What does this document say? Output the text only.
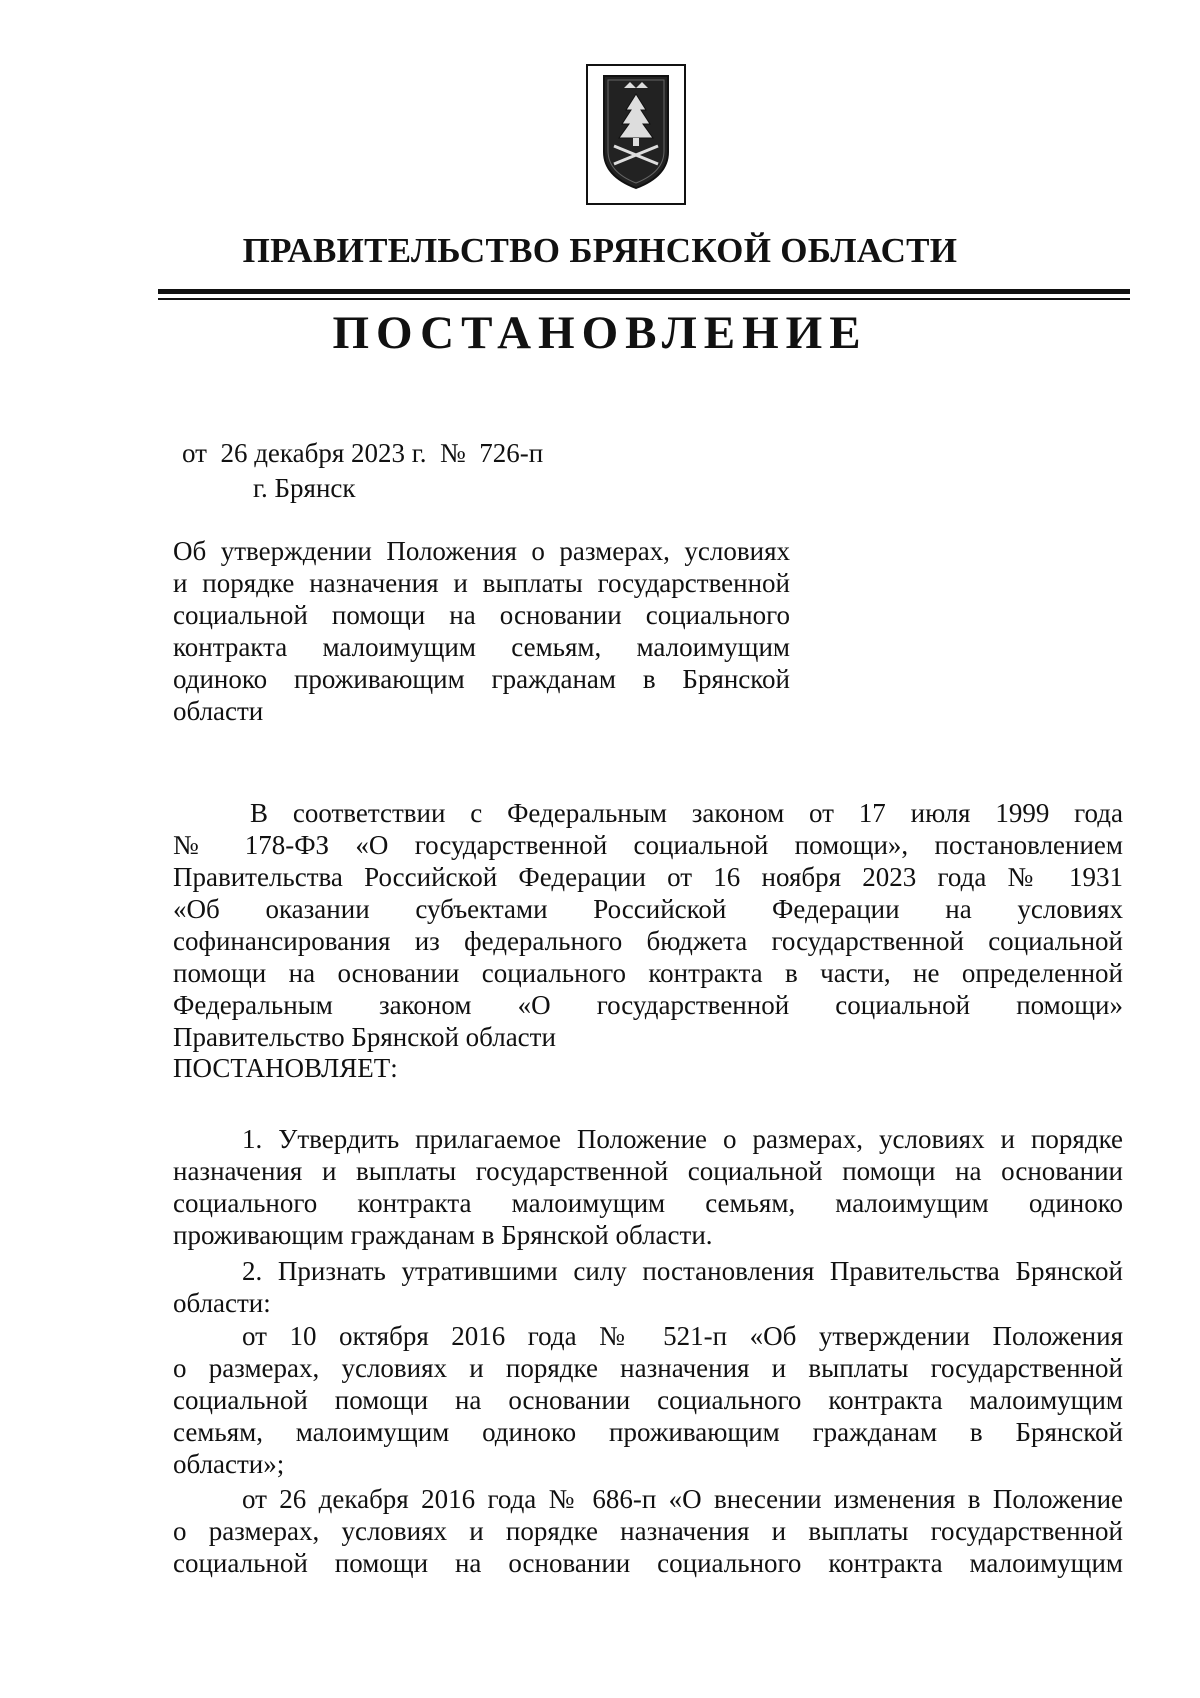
ПРАВИТЕЛЬСТВО БРЯНСКОЙ ОБЛАСТИ
ПОСТАНОВЛЕНИЕ
от  26 декабря 2023 г.  №  726-п
г. Брянск
Об утверждении Положения о размерах, условиях
и порядке назначения и выплаты государственной
социальной помощи на основании социального
контракта малоимущим семьям, малоимущим
одиноко проживающим гражданам в Брянской
области
В соответствии с Федеральным законом от 17 июля 1999 года
№ 178-ФЗ «О государственной социальной помощи», постановлением
Правительства Российской Федерации от 16 ноября 2023 года № 1931
«Об оказании субъектами Российской Федерации на условиях
софинансирования из федерального бюджета государственной социальной
помощи на основании социального контракта в части, не определенной
Федеральным законом «О государственной социальной помощи»
Правительство Брянской области
ПОСТАНОВЛЯЕТ:
1. Утвердить прилагаемое Положение о размерах, условиях и порядке
назначения и выплаты государственной социальной помощи на основании
социального контракта малоимущим семьям, малоимущим одиноко
проживающим гражданам в Брянской области.
2. Признать утратившими силу постановления Правительства Брянской
области:
от 10 октября 2016 года № 521-п «Об утверждении Положения
о размерах, условиях и порядке назначения и выплаты государственной
социальной помощи на основании социального контракта малоимущим
семьям, малоимущим одиноко проживающим гражданам в Брянской
области»;
от 26 декабря 2016 года № 686-п «О внесении изменения в Положение
о размерах, условиях и порядке назначения и выплаты государственной
социальной помощи на основании социального контракта малоимущим
